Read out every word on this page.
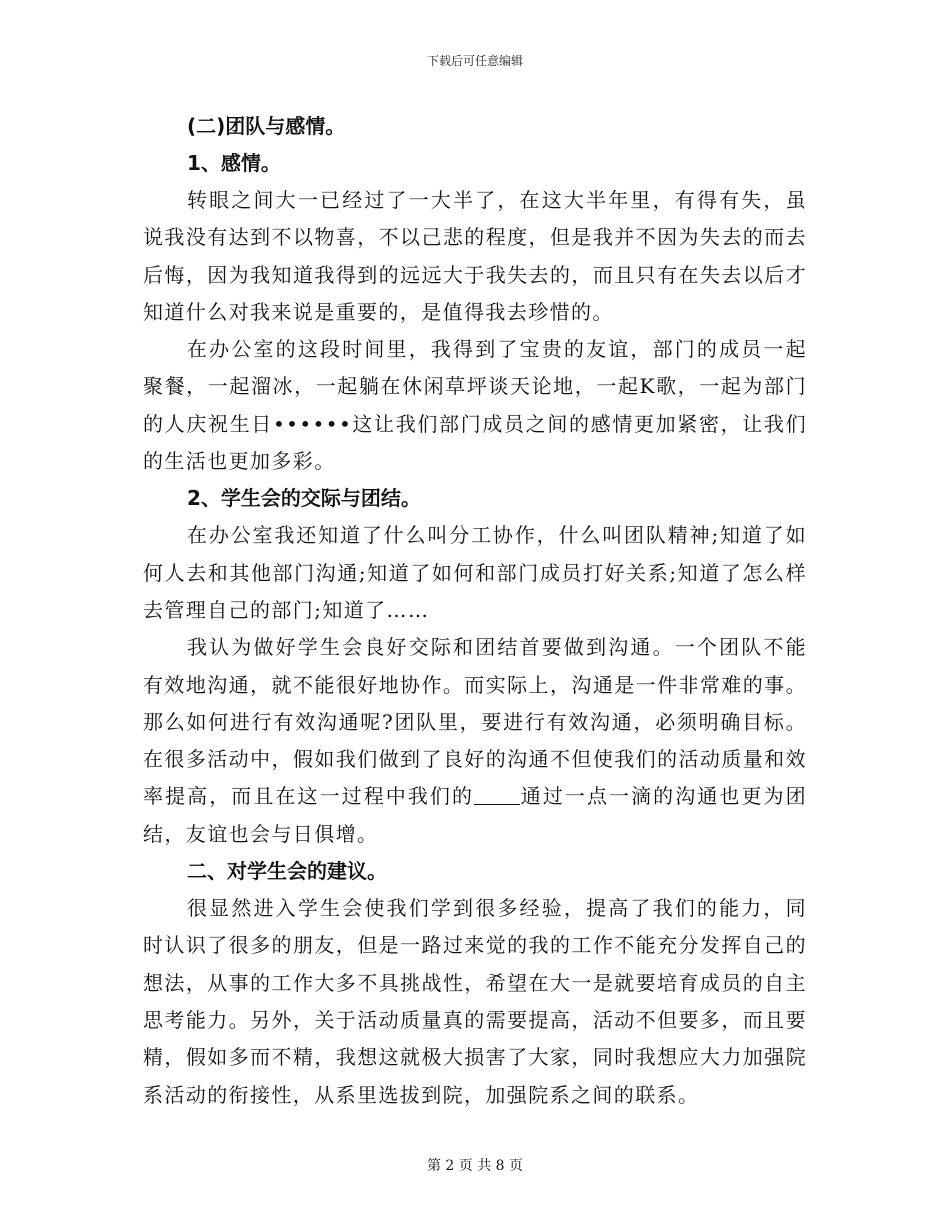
下载后可任意编辑

(二)团队与感情。

1、感情。

转眼之间大一已经过了一大半了，在这大半年里，有得有失，虽说我没有达到不以物喜，不以己悲的程度，但是我并不因为失去的而去后悔，因为我知道我得到的远远大于我失去的，而且只有在失去以后才知道什么对我来说是重要的，是值得我去珍惜的。

在办公室的这段时间里，我得到了宝贵的友谊，部门的成员一起聚餐，一起溜冰，一起躺在休闲草坪谈天论地，一起K歌，一起为部门的人庆祝生日••••••这让我们部门成员之间的感情更加紧密，让我们的生活也更加多彩。

2、学生会的交际与团结。

在办公室我还知道了什么叫分工协作，什么叫团队精神;知道了如何人去和其他部门沟通;知道了如何和部门成员打好关系;知道了怎么样去管理自己的部门;知道了……

我认为做好学生会良好交际和团结首要做到沟通。一个团队不能有效地沟通，就不能很好地协作。而实际上，沟通是一件非常难的事。那么如何进行有效沟通呢?团队里，要进行有效沟通，必须明确目标。在很多活动中，假如我们做到了良好的沟通不但使我们的活动质量和效率提高，而且在这一过程中我们的 通过一点一滴的沟通也更为团结，友谊也会与日俱增。

二、对学生会的建议。

很显然进入学生会使我们学到很多经验，提高了我们的能力，同时认识了很多的朋友，但是一路过来觉的我的工作不能充分发挥自己的想法，从事的工作大多不具挑战性，希望在大一是就要培育成员的自主思考能力。另外，关于活动质量真的需要提高，活动不但要多，而且要精，假如多而不精，我想这就极大损害了大家，同时我想应大力加强院系活动的衔接性，从系里选拔到院，加强院系之间的联系。

第 2 页 共 8 页
